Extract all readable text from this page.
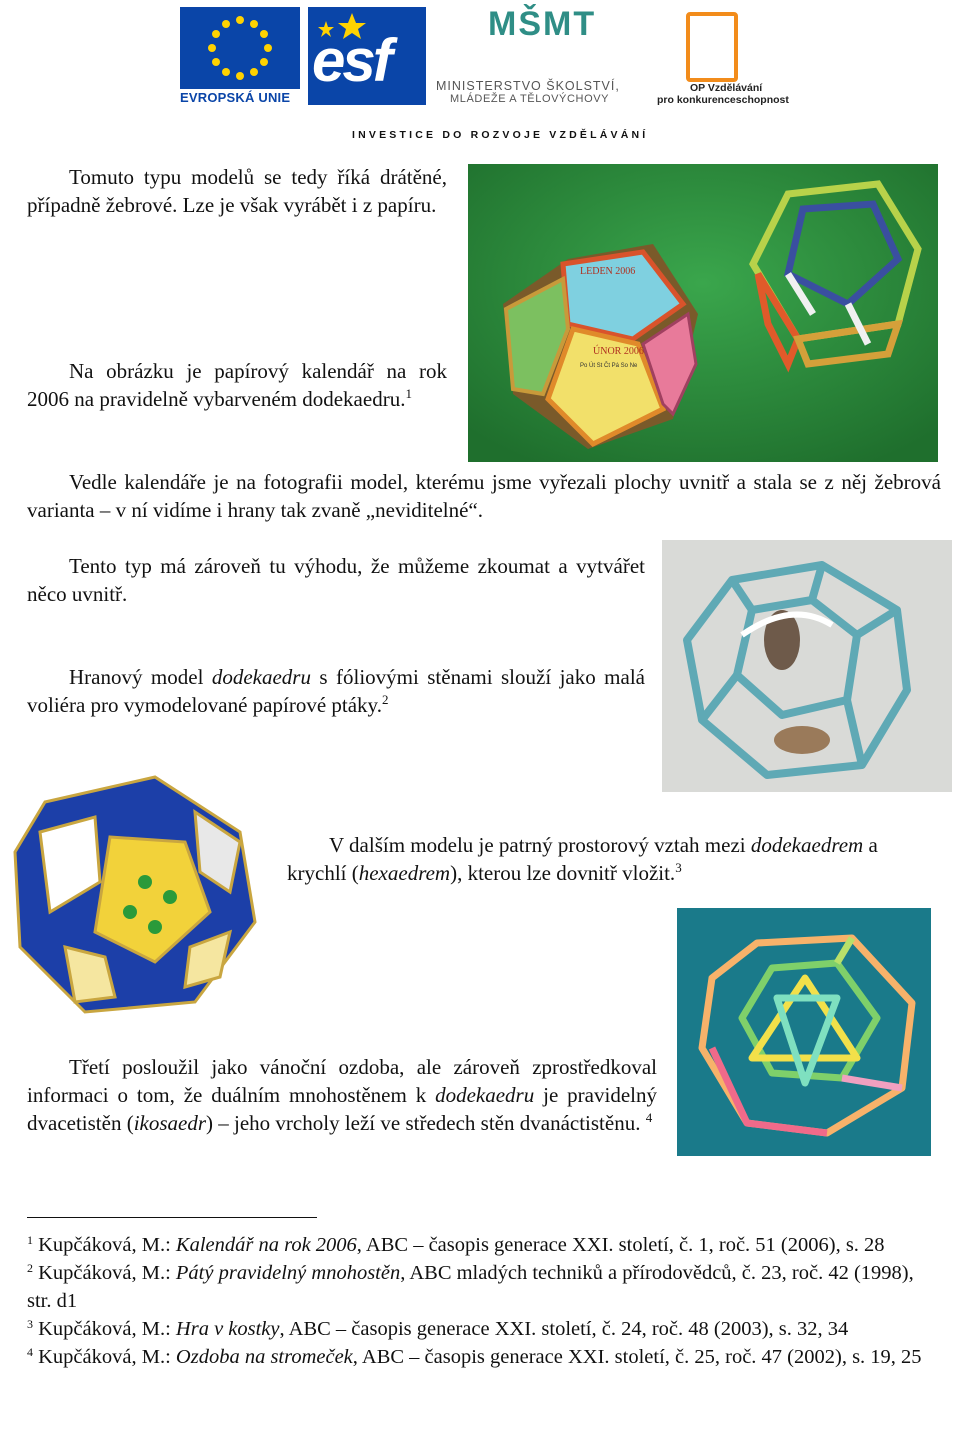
EVROPSKÁ UNIE
esf
MŠMT
MINISTERSTVO ŠKOLSTVÍ,
MLÁDEŽE A TĚLOVÝCHOVY
OP Vzdělávání
pro konkurenceschopnost
INVESTICE DO ROZVOJE VZDĚLÁVÁNÍ
Tomuto typu modelů se tedy říká drátěné, případně žebrové. Lze je však vyrábět i z papíru.
Na obrázku je papírový kalendář na rok 2006 na pravidelně vybarveném dodekaedru.$^1$
Vedle kalendáře je na fotografii model, kterému jsme vyřezali plochy uvnitř a stala se z něj žebrová varianta – v ní vidíme i hrany tak zvaně „neviditelné“.
Tento typ má zároveň tu výhodu, že můžeme zkoumat a vytvářet něco uvnitř.
Hranový model dodekaedru s fóliovými stěnami slouží jako malá voliéra pro vymodelované papírové ptáky.$^2$
V dalším modelu je patrný prostorový vztah mezi dodekaedrem a krychlí (hexaedrem), kterou lze dovnitř vložit.$^3$
Třetí posloužil jako vánoční ozdoba, ale zároveň zprostředkoval informaci o tom, že duálním mnohostěnem k dodekaedru je pravidelný dvacetistěn (ikosaedr) – jeho vrcholy leží ve středech stěn dvanáctistěnu. $^4$
LEDEN 2006
ÚNOR 2006
Po Út St Čt Pá So Ne
$^1$ Kupčáková, M.: Kalendář na rok 2006, ABC – časopis generace XXI. století, č. 1, roč. 51 (2006), s. 28
$^2$ Kupčáková, M.: Pátý pravidelný mnohostěn, ABC mladých techniků a přírodovědců, č. 23, roč. 42 (1998), str. d1
$^3$ Kupčáková, M.: Hra v kostky, ABC – časopis generace XXI. století, č. 24, roč. 48 (2003), s. 32, 34
$^4$ Kupčáková, M.: Ozdoba na stromeček, ABC – časopis generace XXI. století, č. 25, roč. 47 (2002), s. 19, 25
